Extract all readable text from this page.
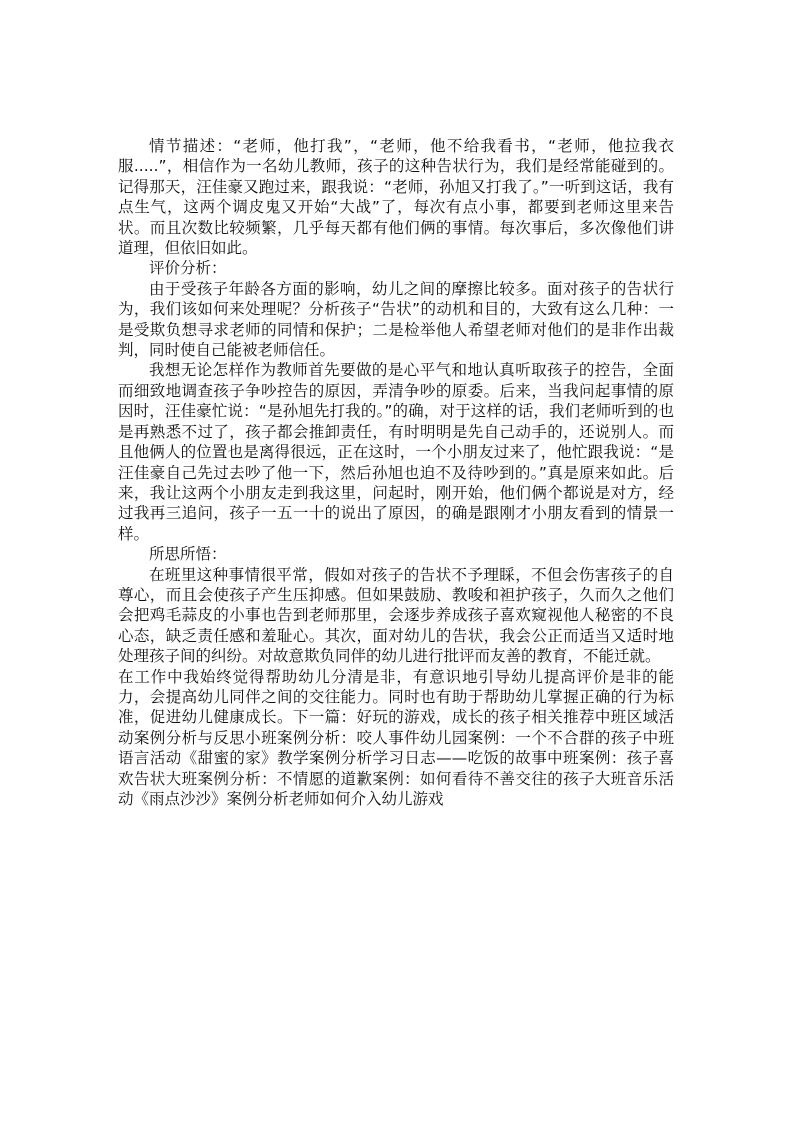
情节描述：“老师，他打我”，“老师，他不给我看书，“老师，他拉我衣服.....”，相信作为一名幼儿教师，孩子的这种告状行为，我们是经常能碰到的。记得那天，汪佳豪又跑过来，跟我说：“老师，孙旭又打我了。”一听到这话，我有点生气，这两个调皮鬼又开始“大战”了，每次有点小事，都要到老师这里来告状。而且次数比较频繁，几乎每天都有他们俩的事情。每次事后，多次像他们讲道理，但依旧如此。

评价分析：

由于受孩子年龄各方面的影响，幼儿之间的摩擦比较多。面对孩子的告状行为，我们该如何来处理呢？分析孩子“告状”的动机和目的，大致有这么几种：一是受欺负想寻求老师的同情和保护；二是检举他人希望老师对他们的是非作出裁判，同时使自己能被老师信任。

我想无论怎样作为教师首先要做的是心平气和地认真听取孩子的控告，全面而细致地调查孩子争吵控告的原因，弄清争吵的原委。后来，当我问起事情的原因时，汪佳豪忙说：“是孙旭先打我的。”的确，对于这样的话，我们老师听到的也是再熟悉不过了，孩子都会推卸责任，有时明明是先自己动手的，还说别人。而且他俩人的位置也是离得很远，正在这时，一个小朋友过来了，他忙跟我说：“是汪佳豪自己先过去吵了他一下，然后孙旭也迫不及待吵到的。”真是原来如此。后来，我让这两个小朋友走到我这里，问起时，刚开始，他们俩个都说是对方，经过我再三追问，孩子一五一十的说出了原因，的确是跟刚才小朋友看到的情景一样。

所思所悟：

在班里这种事情很平常，假如对孩子的告状不予理睬，不但会伤害孩子的自尊心，而且会使孩子产生压抑感。但如果鼓励、教唆和袒护孩子，久而久之他们会把鸡毛蒜皮的小事也告到老师那里，会逐步养成孩子喜欢窥视他人秘密的不良心态，缺乏责任感和羞耻心。其次，面对幼儿的告状，我会公正而适当又适时地处理孩子间的纠纷。对故意欺负同伴的幼儿进行批评而友善的教育，不能迁就。

在工作中我始终觉得帮助幼儿分清是非，有意识地引导幼儿提高评价是非的能力，会提高幼儿同伴之间的交往能力。同时也有助于帮助幼儿掌握正确的行为标准，促进幼儿健康成长。下一篇：好玩的游戏，成长的孩子相关推荐中班区域活动案例分析与反思小班案例分析：咬人事件幼儿园案例：一个不合群的孩子中班语言活动《甜蜜的家》教学案例分析学习日志——吃饭的故事中班案例：孩子喜欢告状大班案例分析：不情愿的道歉案例：如何看待不善交往的孩子大班音乐活动《雨点沙沙》案例分析老师如何介入幼儿游戏
